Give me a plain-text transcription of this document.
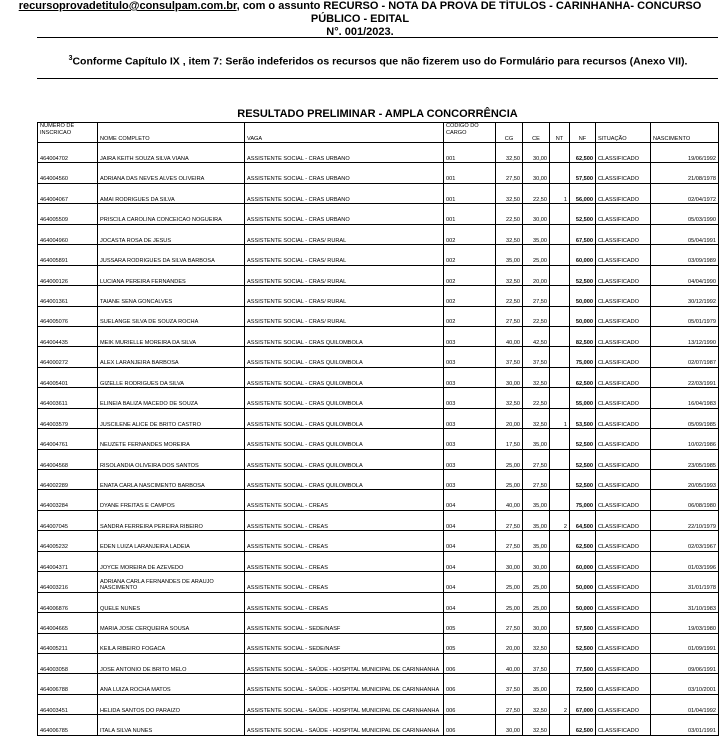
recursoprovadetitulo@consulpam.com.br, com o assunto RECURSO - NOTA DA PROVA DE TÍTULOS - CARINHANHA- CONCURSO PÚBLICO - EDITAL
N°. 001/2023.
$^3$Conforme Capítulo IX , item 7: Serão indeferidos os recursos que não fizerem uso do Formulário para recursos (Anexo VII).
RESULTADO PRELIMINAR - AMPLA CONCORRÊNCIA
NUMERO DE INSCRICAO	NOME COMPLETO	VAGA	CODIGO DO CARGO	CG	CE	NT	NF	SITUAÇÃO	NASCIMENTO
464004702	JAIRA KEITH SOUZA SILVA VIANA	ASSISTENTE SOCIAL - CRAS URBANO	001	32,50	30,00		62,500	CLASSIFICADO	19/06/1992
464004560	ADRIANA DAS NEVES ALVES OLIVEIRA	ASSISTENTE SOCIAL - CRAS URBANO	001	27,50	30,00		57,500	CLASSIFICADO	21/08/1978
464004067	AMAI RODRIGUES DA SILVA	ASSISTENTE SOCIAL - CRAS URBANO	001	32,50	22,50	1	56,000	CLASSIFICADO	02/04/1972
464005509	PRISCILA CAROLINA CONCEICAO NOGUEIRA	ASSISTENTE SOCIAL - CRAS URBANO	001	22,50	30,00		52,500	CLASSIFICADO	05/03/1990
464004960	JOCASTA ROSA DE JESUS	ASSISTENTE SOCIAL - CRAS/ RURAL	002	32,50	35,00		67,500	CLASSIFICADO	05/04/1991
464005891	JUSSARA RODRIGUES DA SILVA BARBOSA	ASSISTENTE SOCIAL - CRAS/ RURAL	002	35,00	25,00		60,000	CLASSIFICADO	03/09/1989
464000126	LUCIANA PEREIRA FERNANDES	ASSISTENTE SOCIAL - CRAS/ RURAL	002	32,50	20,00		52,500	CLASSIFICADO	04/04/1990
464001361	TAIANE SENA GONCALVES	ASSISTENTE SOCIAL - CRAS/ RURAL	002	22,50	27,50		50,000	CLASSIFICADO	30/12/1992
464005076	SUELANGE SILVA DE SOUZA ROCHA	ASSISTENTE SOCIAL - CRAS/ RURAL	002	27,50	22,50		50,000	CLASSIFICADO	05/01/1979
464004435	MEIK MURIELLE MOREIRA DA SILVA	ASSISTENTE SOCIAL - CRAS QUILOMBOLA	003	40,00	42,50		82,500	CLASSIFICADO	13/12/1990
464000272	ALEX LARANJEIRA BARBOSA	ASSISTENTE SOCIAL - CRAS QUILOMBOLA	003	37,50	37,50		75,000	CLASSIFICADO	02/07/1987
464005401	GIZELLE RODRIGUES DA SILVA	ASSISTENTE SOCIAL - CRAS QUILOMBOLA	003	30,00	32,50		62,500	CLASSIFICADO	22/03/1991
464003611	ELINEIA BALIZA MACEDO DE SOUZA	ASSISTENTE SOCIAL - CRAS QUILOMBOLA	003	32,50	22,50		55,000	CLASSIFICADO	16/04/1983
464003579	JUSCILENE ALICE DE BRITO CASTRO	ASSISTENTE SOCIAL - CRAS QUILOMBOLA	003	20,00	32,50	1	53,500	CLASSIFICADO	05/09/1985
464004761	NEUZETE FERNANDES MOREIRA	ASSISTENTE SOCIAL - CRAS QUILOMBOLA	003	17,50	35,00		52,500	CLASSIFICADO	10/02/1986
464004568	RISOLANDIA OLIVEIRA DOS SANTOS	ASSISTENTE SOCIAL - CRAS QUILOMBOLA	003	25,00	27,50		52,500	CLASSIFICADO	23/05/1985
464002289	ENATA CARLA NASCIMENTO BARBOSA	ASSISTENTE SOCIAL - CRAS QUILOMBOLA	003	25,00	27,50		52,500	CLASSIFICADO	20/05/1993
464003284	DYANE FREITAS E CAMPOS	ASSISTENTE SOCIAL - CREAS	004	40,00	35,00		75,000	CLASSIFICADO	06/08/1980
464007045	SANDRA FERREIRA PEREIRA RIBEIRO	ASSISTENTE SOCIAL - CREAS	004	27,50	35,00	2	64,500	CLASSIFICADO	22/10/1979
464005232	EDEN LUIZA LARANJEIRA LADEIA	ASSISTENTE SOCIAL - CREAS	004	27,50	35,00		62,500	CLASSIFICADO	02/03/1967
464004371	JOYCE MOREIRA DE AZEVEDO	ASSISTENTE SOCIAL - CREAS	004	30,00	30,00		60,000	CLASSIFICADO	01/03/1996
464003216	ADRIANA CARLA FERNANDES DE ARAUJO NASCIMENTO	ASSISTENTE SOCIAL - CREAS	004	25,00	25,00		50,000	CLASSIFICADO	31/01/1978
464006876	QUELE NUNES	ASSISTENTE SOCIAL - CREAS	004	25,00	25,00		50,000	CLASSIFICADO	31/10/1983
464004665	MARIA JOSE CERQUEIRA SOUSA	ASSISTENTE SOCIAL - SEDE/NASF	005	27,50	30,00		57,500	CLASSIFICADO	19/03/1980
464005211	KEILA RIBEIRO FOGACA	ASSISTENTE SOCIAL - SEDE/NASF	005	20,00	32,50		52,500	CLASSIFICADO	01/09/1991
464003058	JOSE ANTONIO DE BRITO MELO	ASSISTENTE SOCIAL - SAÚDE - HOSPITAL MUNICIPAL DE CARINHANHA	006	40,00	37,50		77,500	CLASSIFICADO	09/06/1991
464006788	ANA LUIZA ROCHA MATOS	ASSISTENTE SOCIAL - SAÚDE - HOSPITAL MUNICIPAL DE CARINHANHA	006	37,50	35,00		72,500	CLASSIFICADO	03/10/2001
464003451	HELIDA SANTOS DO PARAIZO	ASSISTENTE SOCIAL - SAÚDE - HOSPITAL MUNICIPAL DE CARINHANHA	006	27,50	32,50	2	67,000	CLASSIFICADO	01/04/1992
464006785	ITALA SILVA NUNES	ASSISTENTE SOCIAL - SAÚDE - HOSPITAL MUNICIPAL DE CARINHANHA	006	30,00	32,50		62,500	CLASSIFICADO	03/01/1991
